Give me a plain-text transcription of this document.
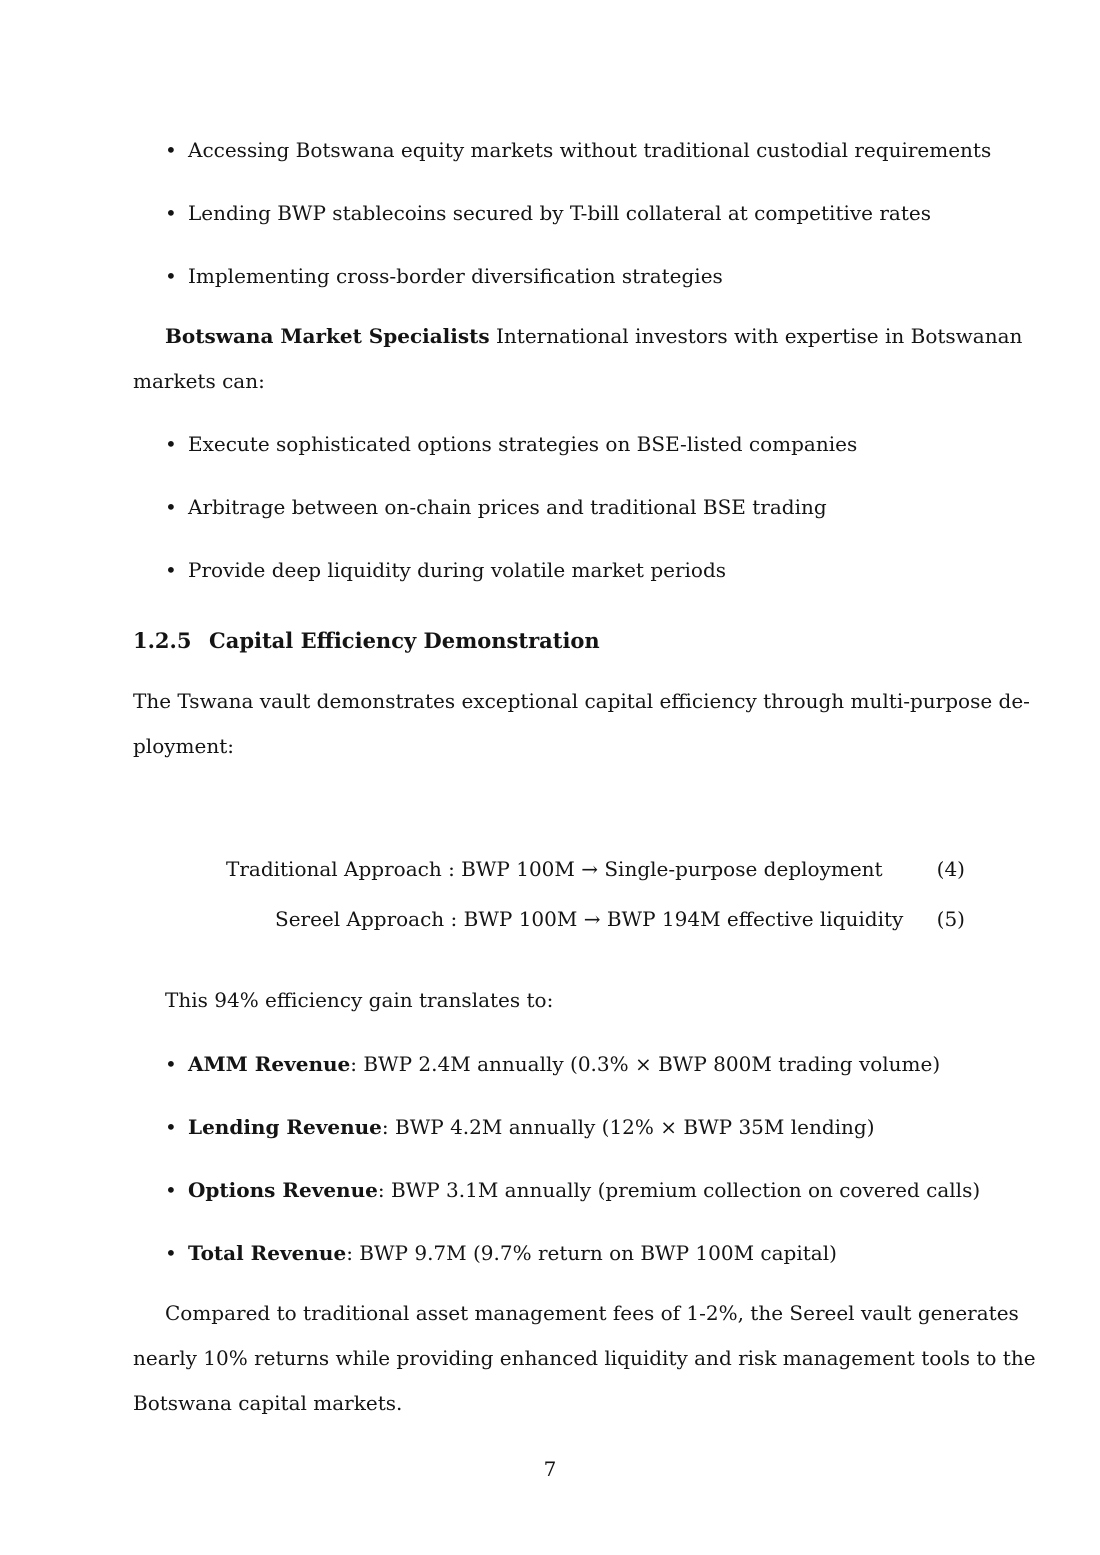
• Accessing Botswana equity markets without traditional custodial requirements
• Lending BWP stablecoins secured by T-bill collateral at competitive rates
• Implementing cross-border diversification strategies
Botswana Market Specialists International investors with expertise in Botswanan
markets can:
• Execute sophisticated options strategies on BSE-listed companies
• Arbitrage between on-chain prices and traditional BSE trading
• Provide deep liquidity during volatile market periods
1.2.5 Capital Efficiency Demonstration
The Tswana vault demonstrates exceptional capital efficiency through multi-purpose de-
ployment:
Traditional Approach : BWP 100M → Single-purpose deployment	(4)
Sereel Approach : BWP 100M → BWP 194M effective liquidity (5)
This 94% efficiency gain translates to:
• AMM Revenue: BWP 2.4M annually (0.3% × BWP 800M trading volume)
• Lending Revenue: BWP 4.2M annually (12% × BWP 35M lending)
• Options Revenue: BWP 3.1M annually (premium collection on covered calls)
• Total Revenue: BWP 9.7M (9.7% return on BWP 100M capital)
Compared to traditional asset management fees of 1-2%, the Sereel vault generates
nearly 10% returns while providing enhanced liquidity and risk management tools to the
Botswana capital markets.
7
